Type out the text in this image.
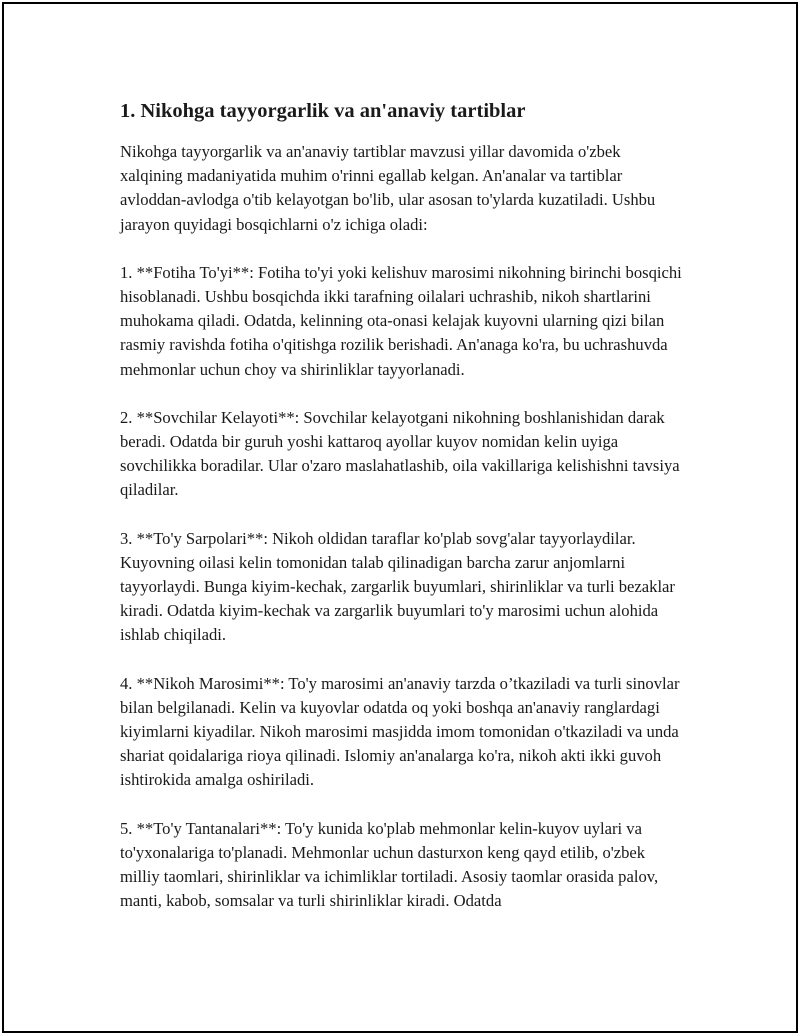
1. Nikohga tayyorgarlik va an'anaviy tartiblar

Nikohga tayyorgarlik va an'anaviy tartiblar mavzusi yillar davomida o'zbek xalqining madaniyatida muhim o'rinni egallab kelgan. An'analar va tartiblar avloddan-avlodga o'tib kelayotgan bo'lib, ular asosan to'ylarda kuzatiladi. Ushbu jarayon quyidagi bosqichlarni o'z ichiga oladi:

1. **Fotiha To'yi**: Fotiha to'yi yoki kelishuv marosimi nikohning birinchi bosqichi hisoblanadi. Ushbu bosqichda ikki tarafning oilalari uchrashib, nikoh shartlarini muhokama qiladi. Odatda, kelinning ota-onasi kelajak kuyovni ularning qizi bilan rasmiy ravishda fotiha o'qitishga rozilik berishadi. An'anaga ko'ra, bu uchrashuvda mehmonlar uchun choy va shirinliklar tayyorlanadi.

2. **Sovchilar Kelayoti**: Sovchilar kelayotgani nikohning boshlanishidan darak beradi. Odatda bir guruh yoshi kattaroq ayollar kuyov nomidan kelin uyiga sovchilikka boradilar. Ular o'zaro maslahatlashib, oila vakillariga kelishishni tavsiya qiladilar.

3. **To'y Sarpolari**: Nikoh oldidan taraflar ko'plab sovg'alar tayyorlaydilar. Kuyovning oilasi kelin tomonidan talab qilinadigan barcha zarur anjomlarni tayyorlaydi. Bunga kiyim-kechak, zargarlik buyumlari, shirinliklar va turli bezaklar kiradi. Odatda kiyim-kechak va zargarlik buyumlari to'y marosimi uchun alohida ishlab chiqiladi.

4. **Nikoh Marosimi**: To'y marosimi an'anaviy tarzda o’tkaziladi va turli sinovlar bilan belgilanadi. Kelin va kuyovlar odatda oq yoki boshqa an'anaviy ranglardagi kiyimlarni kiyadilar. Nikoh marosimi masjidda imom tomonidan o'tkaziladi va unda shariat qoidalariga rioya qilinadi. Islomiy an'analarga ko'ra, nikoh akti ikki guvoh ishtirokida amalga oshiriladi.

5. **To'y Tantanalari**: To'y kunida ko'plab mehmonlar kelin-kuyov uylari va to'yxonalariga to'planadi. Mehmonlar uchun dasturxon keng qayd etilib, o'zbek milliy taomlari, shirinliklar va ichimliklar tortiladi. Asosiy taomlar orasida palov, manti, kabob, somsalar va turli shirinliklar kiradi. Odatda
